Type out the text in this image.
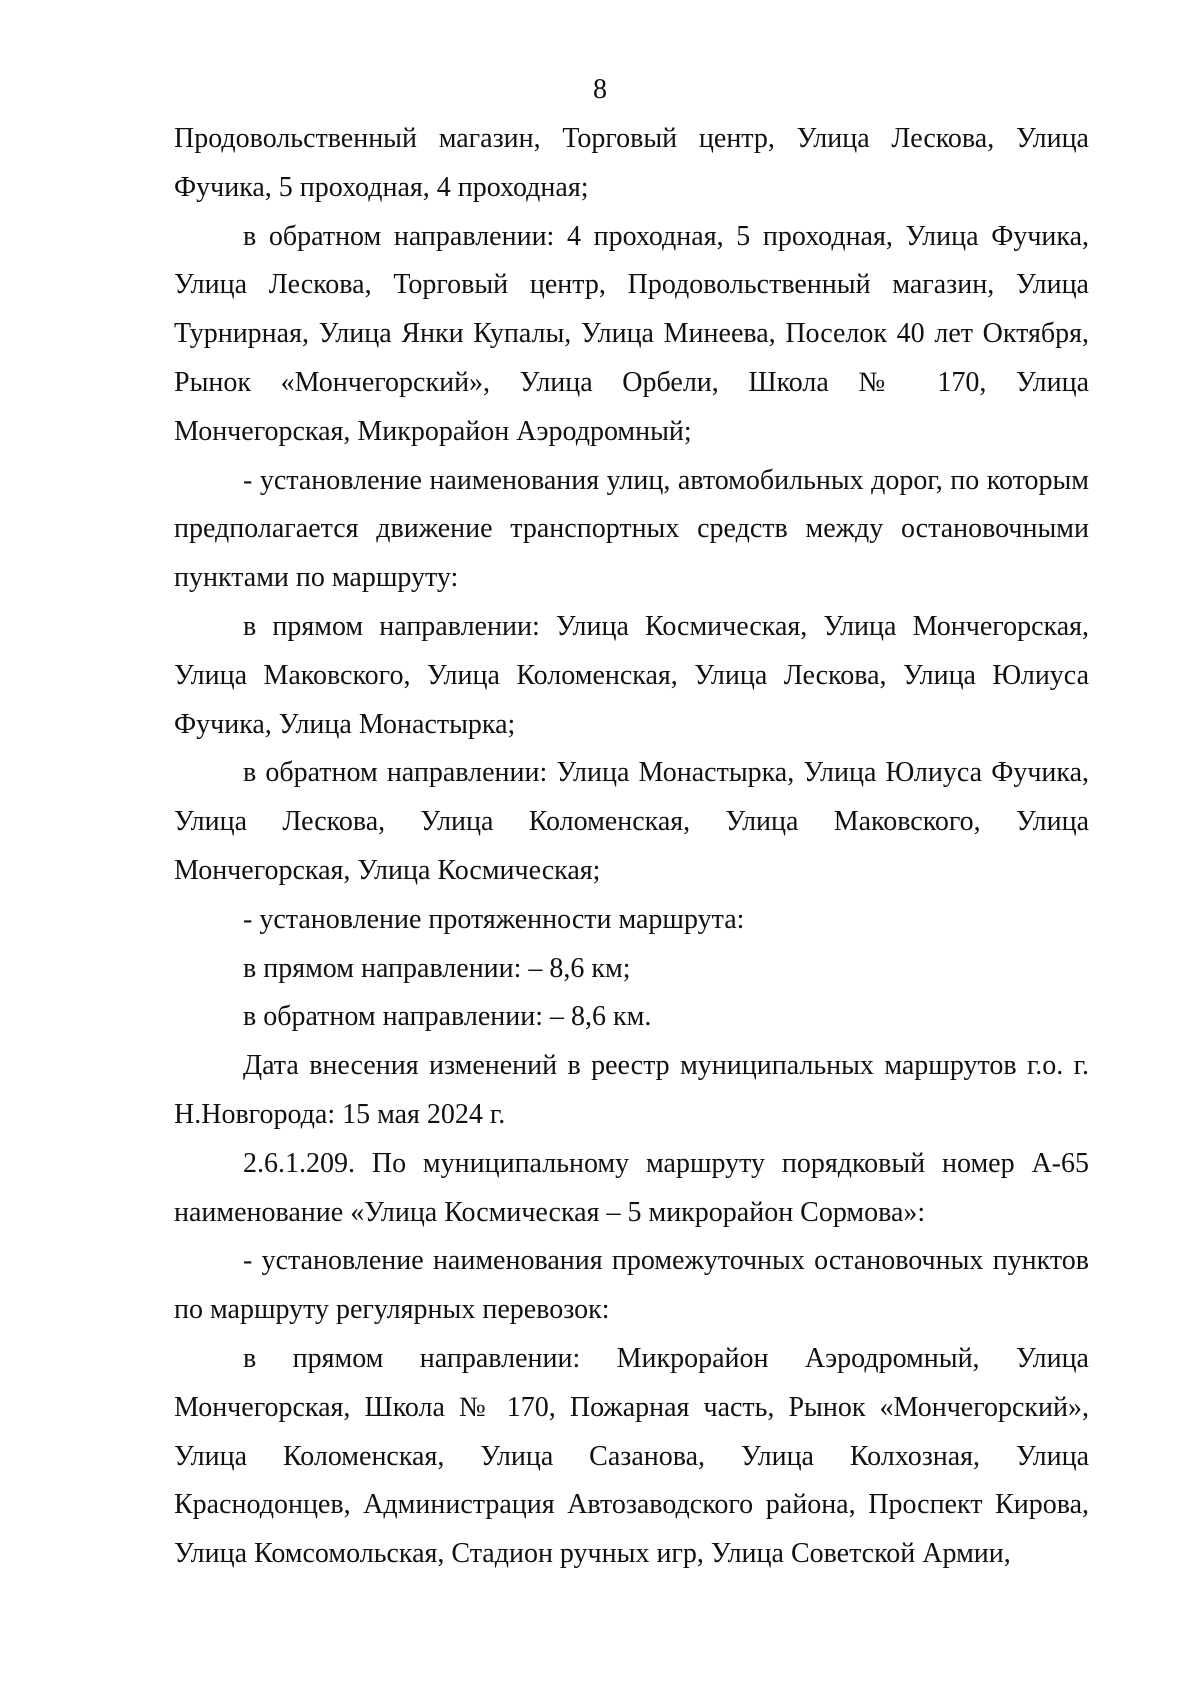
8

Продовольственный магазин, Торговый центр, Улица Лескова, Улица Фучика, 5 проходная, 4 проходная;

в обратном направлении: 4 проходная, 5 проходная, Улица Фучика, Улица Лескова, Торговый центр, Продовольственный магазин, Улица Турнирная, Улица Янки Купалы, Улица Минеева, Поселок 40 лет Октября, Рынок «Мончегорский», Улица Орбели, Школа № 170, Улица Мончегорская, Микрорайон Аэродромный;

- установление наименования улиц, автомобильных дорог, по которым предполагается движение транспортных средств между остановочными пунктами по маршруту:

в прямом направлении: Улица Космическая, Улица Мончегорская, Улица Маковского, Улица Коломенская, Улица Лескова, Улица Юлиуса Фучика, Улица Монастырка;

в обратном направлении: Улица Монастырка, Улица Юлиуса Фучика, Улица Лескова, Улица Коломенская, Улица Маковского, Улица Мончегорская, Улица Космическая;

- установление протяженности маршрута:

в прямом направлении: – 8,6 км;

в обратном направлении: – 8,6 км.

Дата внесения изменений в реестр муниципальных маршрутов г.о. г. Н.Новгорода: 15 мая 2024 г.

2.6.1.209. По муниципальному маршруту порядковый номер А-65 наименование «Улица Космическая – 5 микрорайон Сормова»:

- установление наименования промежуточных остановочных пунктов по маршруту регулярных перевозок:

в прямом направлении: Микрорайон Аэродромный, Улица Мончегорская, Школа № 170, Пожарная часть, Рынок «Мончегорский», Улица Коломенская, Улица Сазанова, Улица Колхозная, Улица Краснодонцев, Администрация Автозаводского района, Проспект Кирова, Улица Комсомольская, Стадион ручных игр, Улица Советской Армии,
